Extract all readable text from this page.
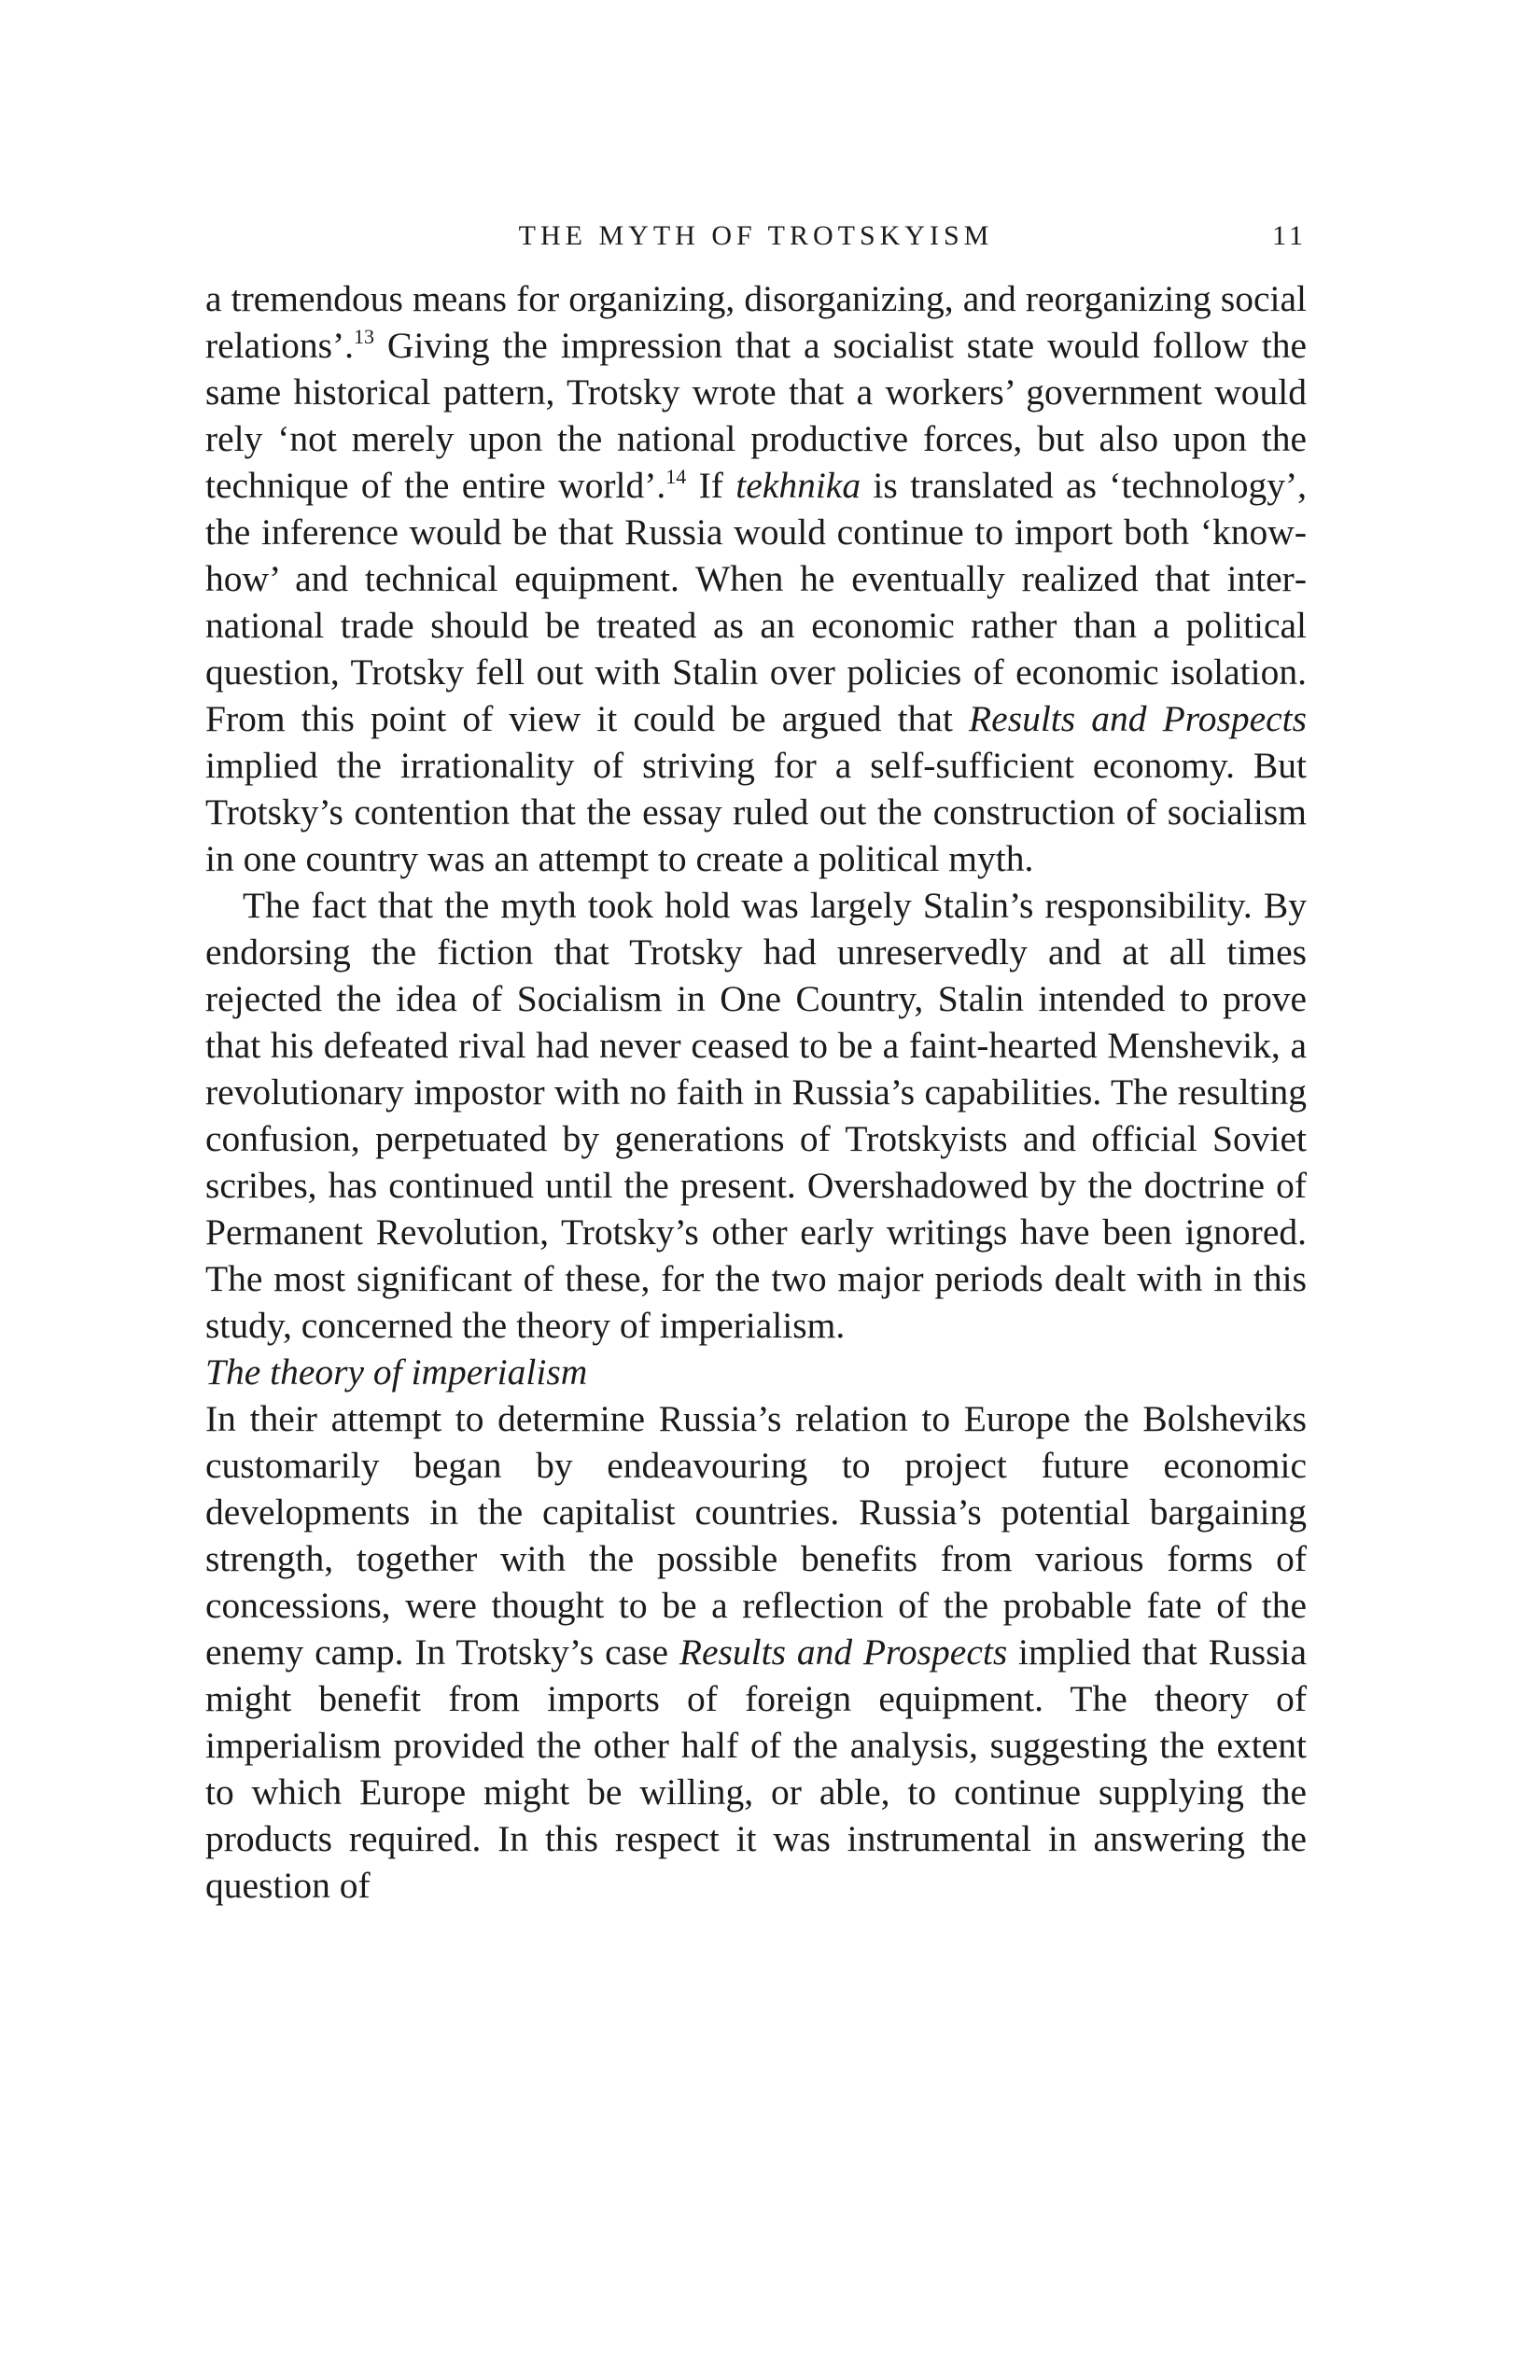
THE MYTH OF TROTSKYISM	11

a tremendous means for organizing, disorganizing, and reorganizing social relations’.$^{13}$ Giving the impression that a socialist state would follow the same historical pattern, Trotsky wrote that a workers’ government would rely ‘not merely upon the national productive forces, but also upon the technique of the entire world’.$^{14}$ If tekhnika is translated as ‘technology’, the inference would be that Russia would continue to import both ‘know-how’ and technical equipment. When he eventually realized that international trade should be treated as an economic rather than a political question, Trotsky fell out with Stalin over policies of economic isolation. From this point of view it could be argued that Results and Prospects implied the irrationality of striving for a self-sufficient economy. But Trotsky’s contention that the essay ruled out the construction of socialism in one country was an attempt to create a political myth.

The fact that the myth took hold was largely Stalin’s responsibility. By endorsing the fiction that Trotsky had unreservedly and at all times rejected the idea of Socialism in One Country, Stalin intended to prove that his defeated rival had never ceased to be a faint-hearted Menshevik, a revolutionary impostor with no faith in Russia’s capabilities. The resulting confusion, perpetuated by generations of Trotskyists and official Soviet scribes, has continued until the present. Overshadowed by the doctrine of Permanent Revolution, Trotsky’s other early writings have been ignored. The most significant of these, for the two major periods dealt with in this study, concerned the theory of imperialism.

The theory of imperialism

In their attempt to determine Russia’s relation to Europe the Bolsheviks customarily began by endeavouring to project future economic developments in the capitalist countries. Russia’s potential bargaining strength, together with the possible benefits from various forms of concessions, were thought to be a reflection of the probable fate of the enemy camp. In Trotsky’s case Results and Prospects implied that Russia might benefit from imports of foreign equipment. The theory of imperialism provided the other half of the analysis, suggesting the extent to which Europe might be willing, or able, to continue supplying the products required. In this respect it was instrumental in answering the question of
